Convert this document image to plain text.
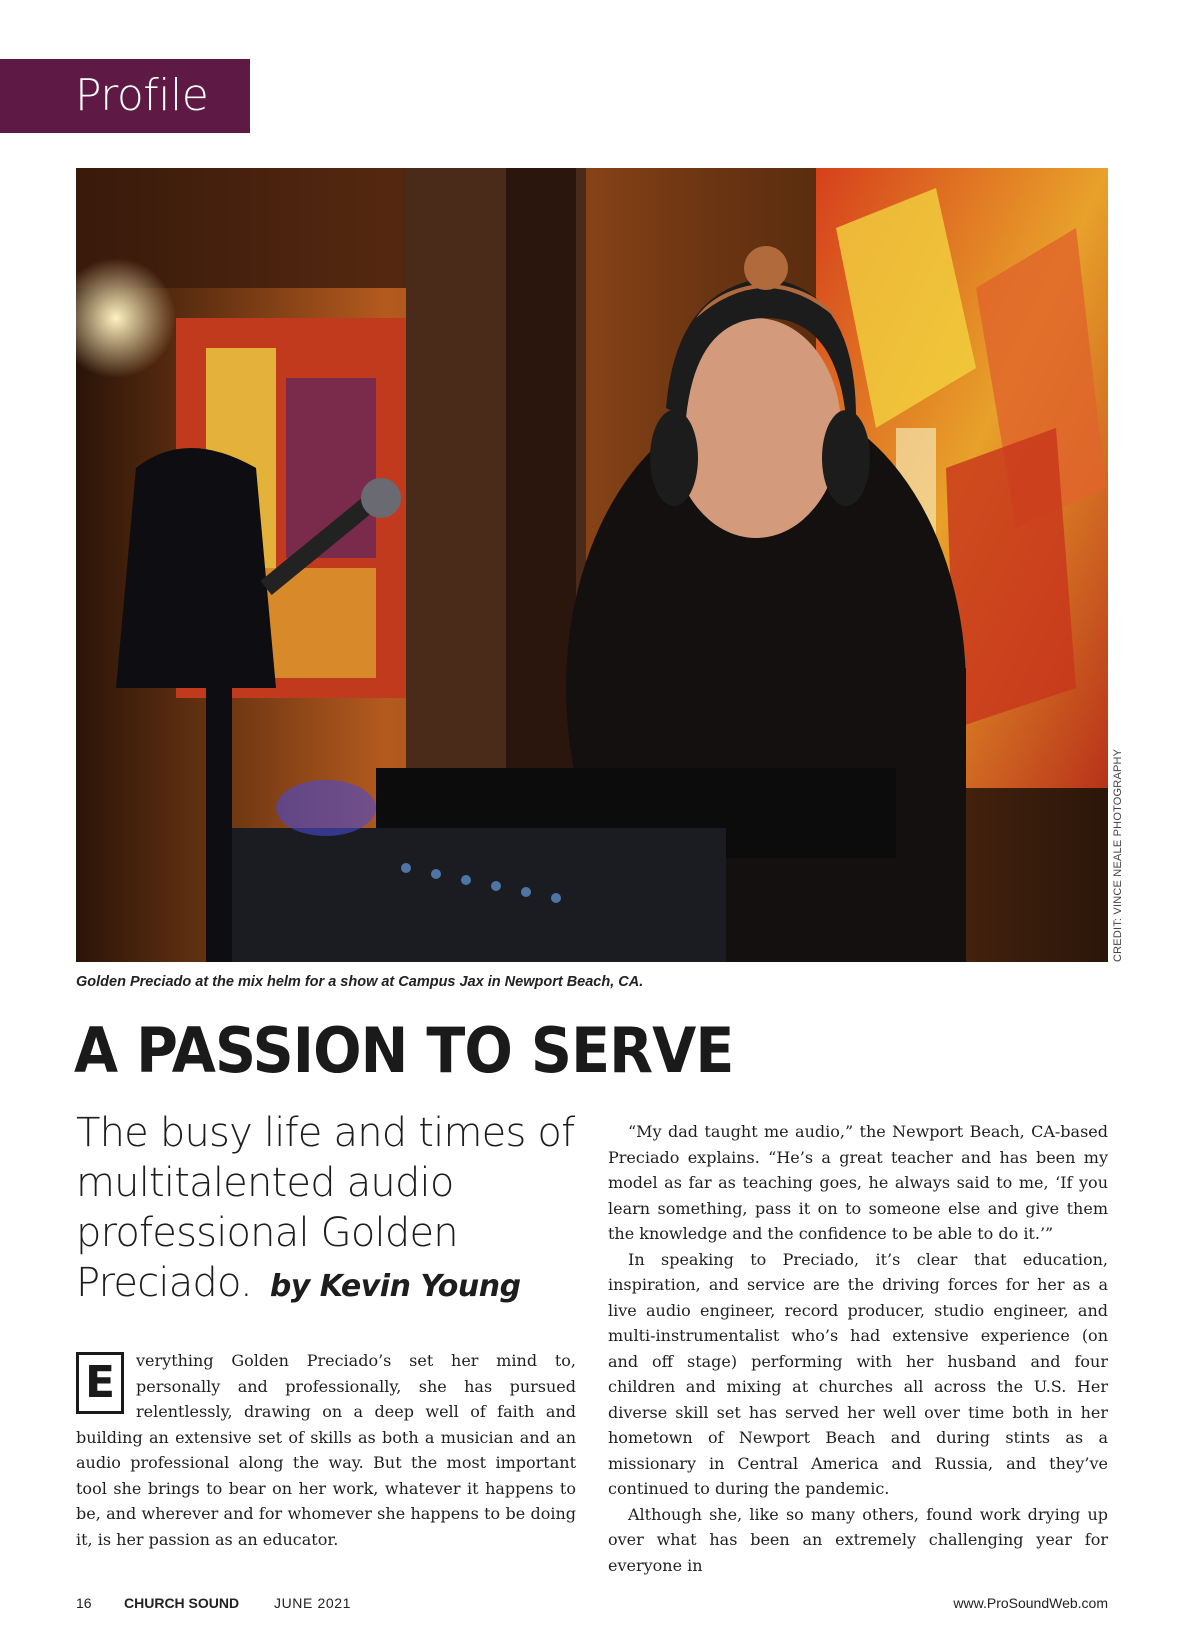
Profile
CREDIT: VINCE NEALE PHOTOGRAPHY
Golden Preciado at the mix helm for a show at Campus Jax in Newport Beach, CA.
A PASSION TO SERVE
The busy life and times of multitalented audio professional Golden Preciado. by Kevin Young
E	verything Golden Preciado’s set her mind to, personally and professionally, she has pursued relentlessly, drawing on a deep well of faith and building an extensive set of skills as both a musician and an audio professional along the way. But the most important tool she brings to bear on her work, whatever it happens to be, and wherever and for whomever she happens to be doing it, is her passion as an educator.

“My dad taught me audio,” the Newport Beach, CA-based Preciado explains. “He’s a great teacher and has been my model as far as teaching goes, he always said to me, ‘If you learn something, pass it on to someone else and give them the knowledge and the confidence to be able to do it.’”

In speaking to Preciado, it’s clear that education, inspiration, and service are the driving forces for her as a live audio engineer, record producer, studio engineer, and multi-instrumentalist who’s had extensive experience (on and off stage) performing with her husband and four children and mixing at churches all across the U.S. Her diverse skill set has served her well over time both in her hometown of Newport Beach and during stints as a missionary in Central America and Russia, and they’ve continued to during the pandemic.

Although she, like so many others, found work drying up over what has been an extremely challenging year for everyone in

16 CHURCH SOUND JUNE 2021	www.ProSoundWeb.com
